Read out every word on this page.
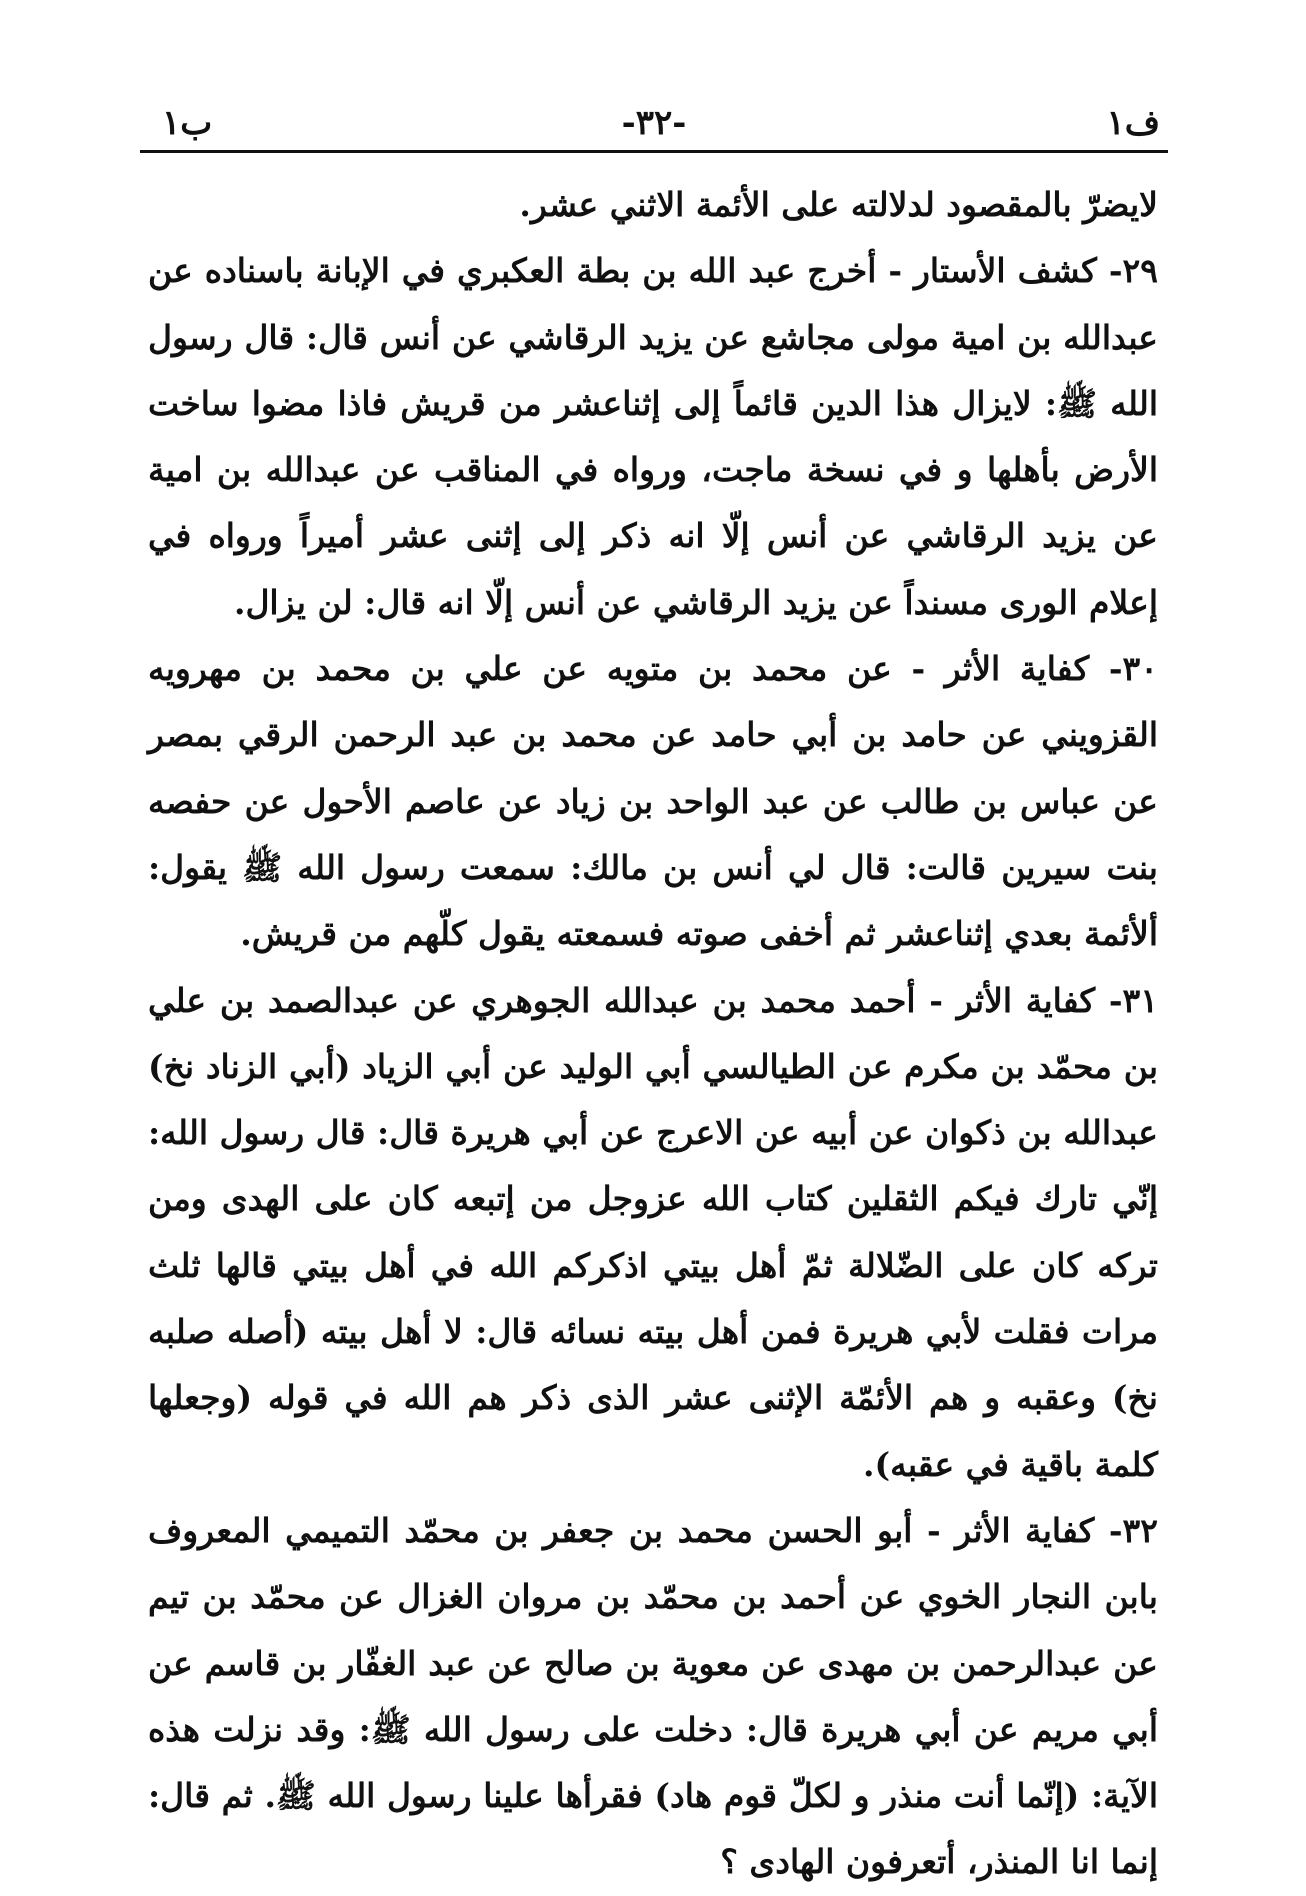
ف١
-٣٢-
ب١

لايضرّ بالمقصود لدلالته على الأئمة الاثني عشر.

٢٩- كشف الأستار - أخرج عبد الله بن بطة العكبري في الإبانة باسناده عن عبدالله بن امية مولى مجاشع عن يزيد الرقاشي عن أنس قال: قال رسول الله ﷺ: لايزال هذا الدين قائماً إلى إثناعشر من قريش فاذا مضوا ساخت الأرض بأهلها و في نسخة ماجت، ورواه في المناقب عن عبدالله بن امية عن يزيد الرقاشي عن أنس إلّا انه ذكر إلى إثنى عشر أميراً ورواه في إعلام الورى مسنداً عن يزيد الرقاشي عن أنس إلّا انه قال: لن يزال.

٣٠- كفاية الأثر - عن محمد بن متويه عن علي بن محمد بن مهرويه القزويني عن حامد بن أبي حامد عن محمد بن عبد الرحمن الرقي بمصر عن عباس بن طالب عن عبد الواحد بن زياد عن عاصم الأحول عن حفصه بنت سيرين قالت: قال لي أنس بن مالك: سمعت رسول الله ﷺ يقول: ألأئمة بعدي إثناعشر ثم أخفى صوته فسمعته يقول كلّهم من قريش.

٣١- كفاية الأثر - أحمد محمد بن عبدالله الجوهري عن عبدالصمد بن علي بن محمّد بن مكرم عن الطيالسي أبي الوليد عن أبي الزياد (أبي الزناد نخ) عبدالله بن ذكوان عن أبيه عن الاعرج عن أبي هريرة قال: قال رسول الله: إنّي تارك فيكم الثقلين كتاب الله عزوجل من إتبعه كان على الهدى ومن تركه كان على الضّلالة ثمّ أهل بيتي اذكركم الله في أهل بيتي قالها ثلث مرات فقلت لأبي هريرة فمن أهل بيته نسائه قال: لا أهل بيته (أصله صلبه نخ) وعقبه و هم الأئمّة الإثنى عشر الذى ذكر هم الله في قوله (وجعلها كلمة باقية في عقبه).

٣٢- كفاية الأثر - أبو الحسن محمد بن جعفر بن محمّد التميمي المعروف بابن النجار الخوي عن أحمد بن محمّد بن مروان الغزال عن محمّد بن تيم عن عبدالرحمن بن مهدى عن معوية بن صالح عن عبد الغفّار بن قاسم عن أبي مريم عن أبي هريرة قال: دخلت على رسول الله ﷺ: وقد نزلت هذه الآية: (إنّما أنت منذر و لكلّ قوم هاد) فقرأها علينا رسول الله ﷺ. ثم قال: إنما انا المنذر، أتعرفون الهادى ؟
